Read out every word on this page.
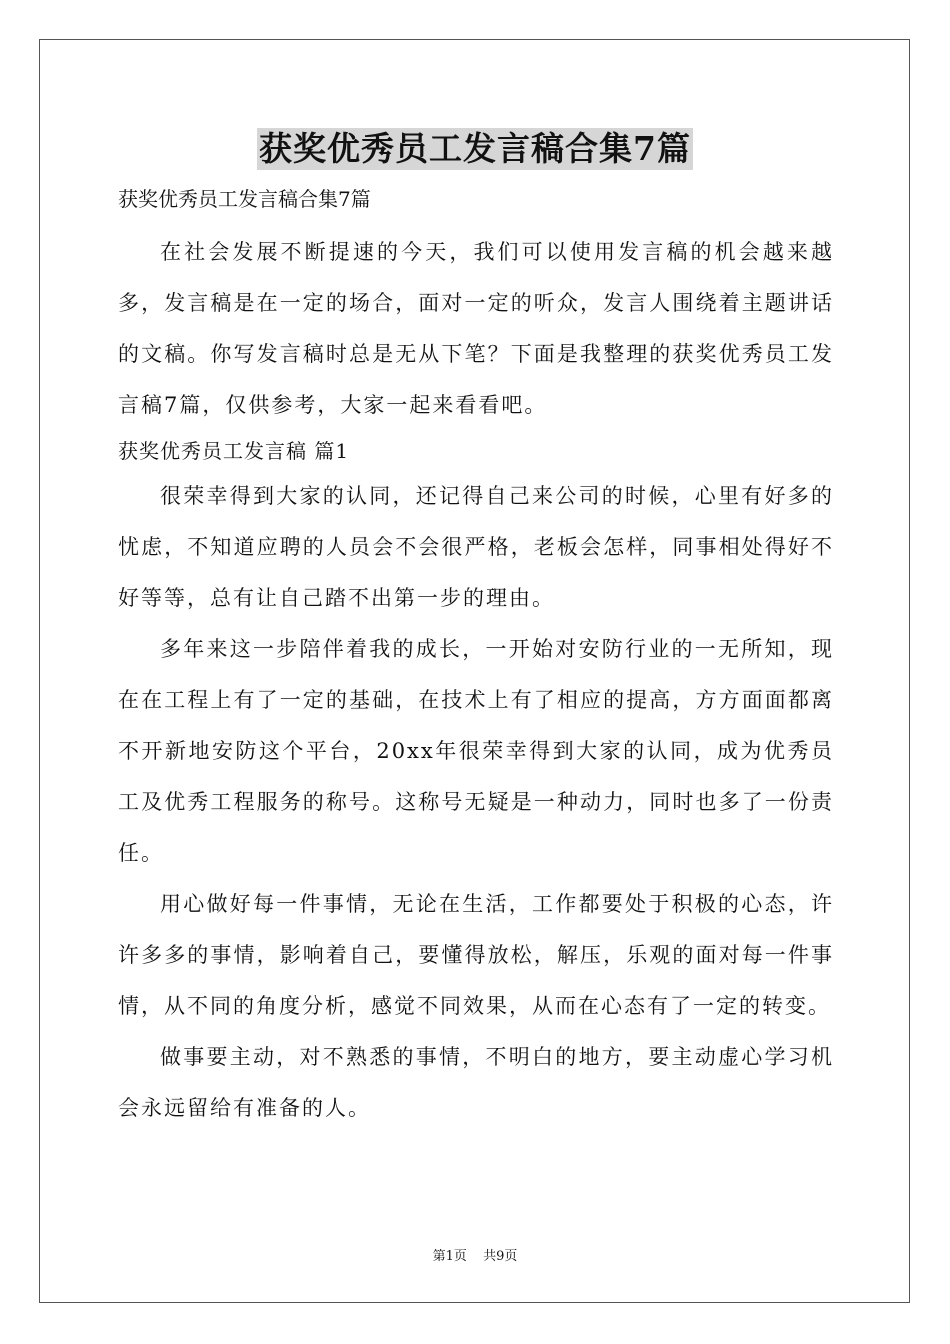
获奖优秀员工发言稿合集7篇
获奖优秀员工发言稿合集7篇

在社会发展不断提速的今天，我们可以使用发言稿的机会越来越多，发言稿是在一定的场合，面对一定的听众，发言人围绕着主题讲话的文稿。你写发言稿时总是无从下笔？下面是我整理的获奖优秀员工发言稿7篇，仅供参考，大家一起来看看吧。

获奖优秀员工发言稿 篇1

很荣幸得到大家的认同，还记得自己来公司的时候，心里有好多的忧虑，不知道应聘的人员会不会很严格，老板会怎样，同事相处得好不好等等，总有让自己踏不出第一步的理由。

多年来这一步陪伴着我的成长，一开始对安防行业的一无所知，现在在工程上有了一定的基础，在技术上有了相应的提高，方方面面都离不开新地安防这个平台，20xx年很荣幸得到大家的认同，成为优秀员工及优秀工程服务的称号。这称号无疑是一种动力，同时也多了一份责任。

用心做好每一件事情，无论在生活，工作都要处于积极的心态，许许多多的事情，影响着自己，要懂得放松，解压，乐观的面对每一件事情，从不同的角度分析，感觉不同效果，从而在心态有了一定的转变。

做事要主动，对不熟悉的事情，不明白的地方，要主动虚心学习机会永远留给有准备的人。

第1页 共9页
